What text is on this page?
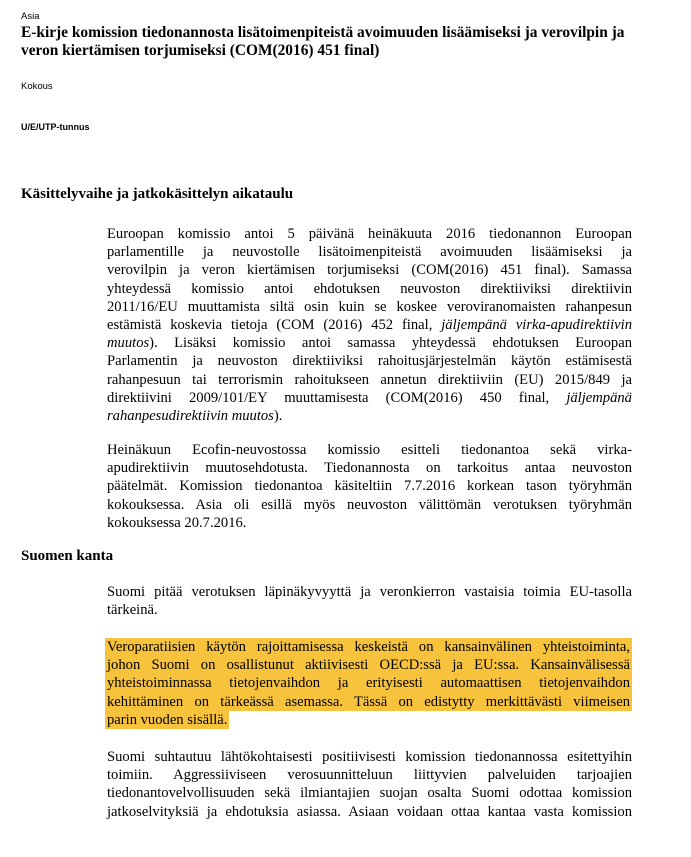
Asia
E-kirje komission tiedonannosta lisätoimenpiteistä avoimuuden lisäämiseksi ja verovilpin ja
veron kiertämisen torjumiseksi (COM(2016) 451 final)
Kokous
U/E/UTP-tunnus
Käsittelyvaihe ja jatkokäsittelyn aikataulu
Euroopan komissio antoi 5 päivänä heinäkuuta 2016 tiedonannon Euroopan
parlamentille ja neuvostolle lisätoimenpiteistä avoimuuden lisäämiseksi ja
verovilpin ja veron kiertämisen torjumiseksi (COM(2016) 451 final). Samassa
yhteydessä komissio antoi ehdotuksen neuvoston direktiiviksi direktiivin
2011/16/EU muuttamista siltä osin kuin se koskee veroviranomaisten rahanpesun
estämistä koskevia tietoja (COM (2016) 452 final, jäljempänä virka-apudirektiivin
muutos). Lisäksi komissio antoi samassa yhteydessä ehdotuksen Euroopan
Parlamentin ja neuvoston direktiiviksi rahoitusjärjestelmän käytön estämisestä
rahanpesuun tai terrorismin rahoitukseen annetun direktiiviin (EU) 2015/849 ja
direktiivini 2009/101/EY muuttamisesta (COM(2016) 450 final, jäljempänä
rahanpesudirektiivin muutos).
Heinäkuun Ecofin-neuvostossa komissio esitteli tiedonantoa sekä virka-
apudirektiivin muutosehdotusta. Tiedonannosta on tarkoitus antaa neuvoston
päätelmät. Komission tiedonantoa käsiteltiin 7.7.2016 korkean tason työryhmän
kokouksessa. Asia oli esillä myös neuvoston välittömän verotuksen työryhmän
kokouksessa 20.7.2016.
Suomen kanta
Suomi pitää verotuksen läpinäkyvyyttä ja veronkierron vastaisia toimia EU-tasolla
tärkeinä.
Veroparatiisien käytön rajoittamisessa keskeistä on kansainvälinen yhteistoiminta,
johon Suomi on osallistunut aktiivisesti OECD:ssä ja EU:ssa. Kansainvälisessä
yhteistoiminnassa tietojenvaihdon ja erityisesti automaattisen tietojenvaihdon
kehittäminen on tärkeässä asemassa. Tässä on edistytty merkittävästi viimeisen
parin vuoden sisällä.
Suomi suhtautuu lähtökohtaisesti positiivisesti komission tiedonannossa esitettyihin
toimiin. Aggressiiviseen verosuunnitteluun liittyvien palveluiden tarjoajien
tiedonantovelvollisuuden sekä ilmiantajien suojan osalta Suomi odottaa komission
jatkoselvityksiä ja ehdotuksia asiassa. Asiaan voidaan ottaa kantaa vasta komission
